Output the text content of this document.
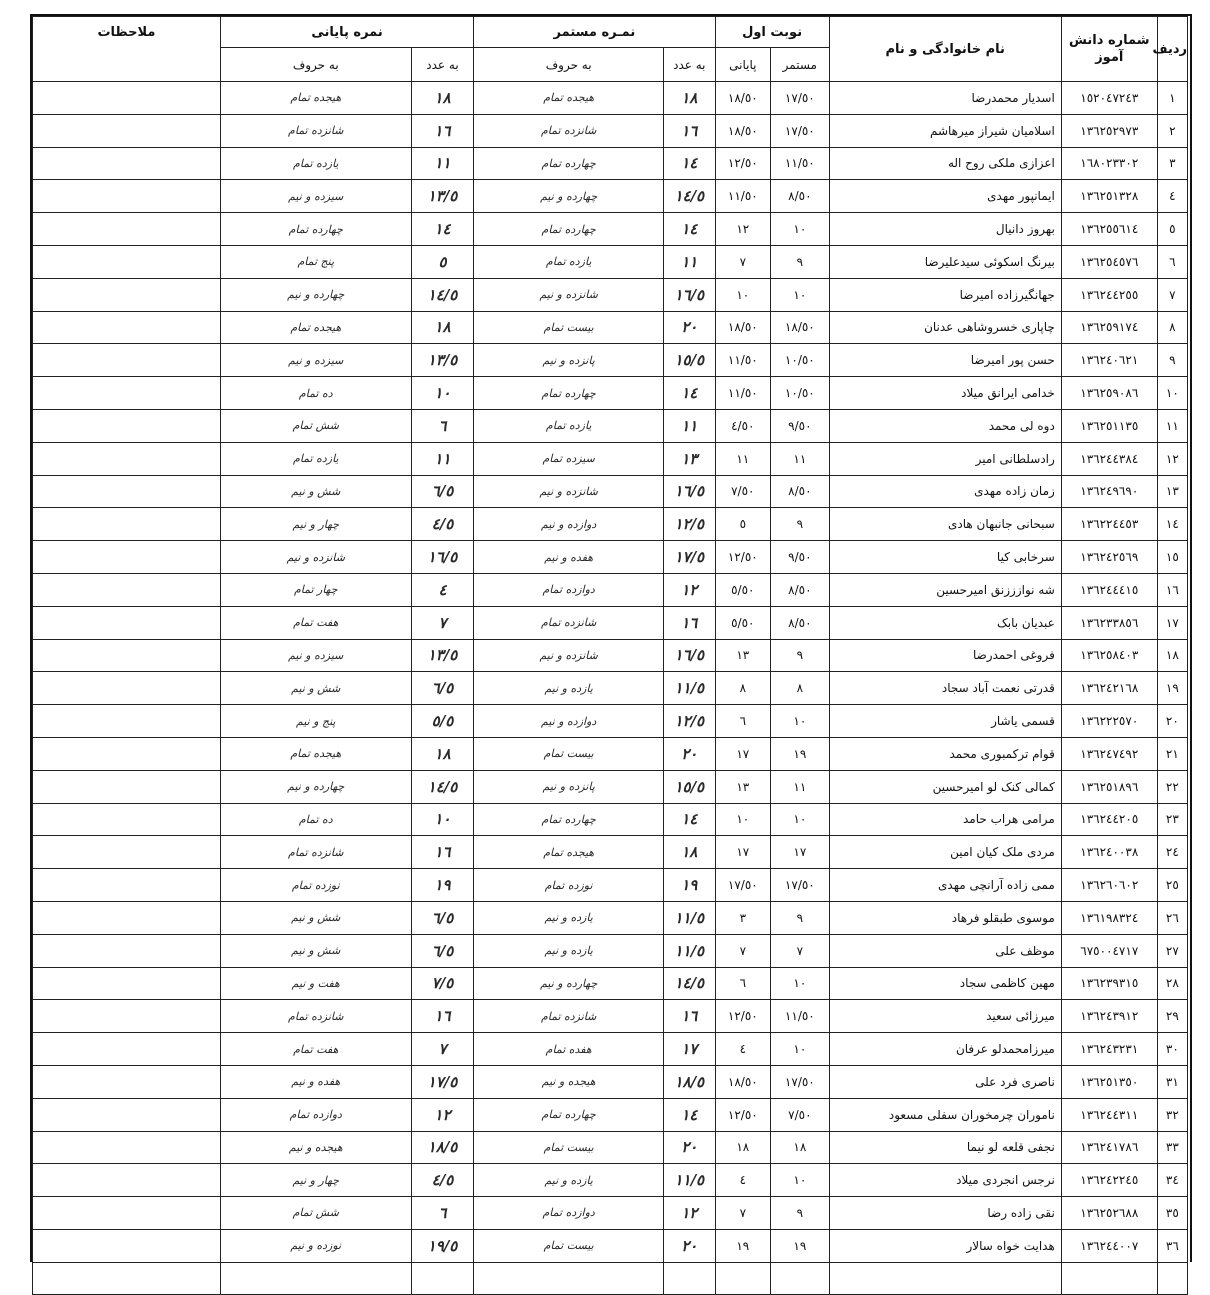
ردیف	شماره دانش آموز	نام خانوادگی و نام	نوبت اول		نمـره مستمر		نمره پایانی		ملاحظات
			مستمر	پایانی	به عدد	به حروف	به عدد	به حروف	
١	١٥٢٠٤٧٢٤٣	اسدیار محمدرضا	١٧/٥٠	١٨/٥٠	١٨	هیجده تمام	١٨	هیجده تمام	
٢	١٣٦٢٥٢٩٧٣	اسلامیان شیراز میرهاشم	١٧/٥٠	١٨/٥٠	١٦	شانزده تمام	١٦	شانزده تمام	
٣	١٦٨٠٢٣٣٠٢	اعزازی ملکی روح اله	١١/٥٠	١٢/٥٠	١٤	چهارده تمام	١١	یازده تمام	
٤	١٣٦٢٥١٣٢٨	ایمانپور مهدی	٨/٥٠	١١/٥٠	١٤/٥	چهارده و نیم	١٣/٥	سیزده و نیم	
٥	١٣٦٢٥٥٦١٤	بهروز دانیال	١٠	١٢	١٤	چهارده تمام	١٤	چهارده تمام	
٦	١٣٦٢٥٤٥٧٦	بیرنگ اسکوئی سیدعلیرضا	٩	٧	١١	یازده تمام	٥	پنج تمام	
٧	١٣٦٢٤٤٢٥٥	جهانگیرزاده امیرضا	١٠	١٠	١٦/٥	شانزده و نیم	١٤/٥	چهارده و نیم	
٨	١٣٦٢٥٩١٧٤	چاپاری خسروشاهی عدنان	١٨/٥٠	١٨/٥٠	٢٠	بیست تمام	١٨	هیجده تمام	
٩	١٣٦٢٤٠٦٢١	حسن پور امیرضا	١٠/٥٠	١١/٥٠	١٥/٥	پانزده و نیم	١٣/٥	سیزده و نیم	
١٠	١٣٦٢٥٩٠٨٦	خدامی ایرانق میلاد	١٠/٥٠	١١/٥٠	١٤	چهارده تمام	١٠	ده تمام	
١١	١٣٦٢٥١١٣٥	دوه لی محمد	٩/٥٠	٤/٥٠	١١	یازده تمام	٦	شش تمام	
١٢	١٣٦٢٤٤٣٨٤	رادسلطانی امیر	١١	١١	١٣	سیزده تمام	١١	یازده تمام	
١٣	١٣٦٢٤٩٦٩٠	زمان زاده مهدی	٨/٥٠	٧/٥٠	١٦/٥	شانزده و نیم	٦/٥	شش و نیم	
١٤	١٣٦٢٢٤٤٥٣	سبحانی جانبهان هادی	٩	٥	١٢/٥	دوازده و نیم	٤/٥	چهار و نیم	
١٥	١٣٦٢٤٢٥٦٩	سرخابی کیا	٩/٥٠	١٢/٥٠	١٧/٥	هفده و نیم	١٦/٥	شانزده و نیم	
١٦	١٣٦٢٤٤٤١٥	شه نوازززنق امیرحسین	٨/٥٠	٥/٥٠	١٢	دوازده تمام	٤	چهار تمام	
١٧	١٣٦٢٣٣٨٥٦	عبدیان بابک	٨/٥٠	٥/٥٠	١٦	شانزده تمام	٧	هفت تمام	
١٨	١٣٦٢٥٨٤٠٣	فروغی احمدرضا	٩	١٣	١٦/٥	شانزده و نیم	١٣/٥	سیزده و نیم	
١٩	١٣٦٢٤٢١٦٨	قدرتی نعمت آباد سجاد	٨	٨	١١/٥	یازده و نیم	٦/٥	شش و نیم	
٢٠	١٣٦٢٢٢٥٧٠	قسمی یاشار	١٠	٦	١٢/٥	دوازده و نیم	٥/٥	پنج و نیم	
٢١	١٣٦٢٤٧٤٩٢	قوام ترکمبوری محمد	١٩	١٧	٢٠	بیست تمام	١٨	هیجده تمام	
٢٢	١٣٦٢٥١٨٩٦	کمالی کنک لو امیرحسین	١١	١٣	١٥/٥	پانزده و نیم	١٤/٥	چهارده و نیم	
٢٣	١٣٦٢٤٤٢٠٥	مرامی هراب حامد	١٠	١٠	١٤	چهارده تمام	١٠	ده تمام	
٢٤	١٣٦٢٤٠٠٣٨	مردی ملک کیان امین	١٧	١٧	١٨	هیجده تمام	١٦	شانزده تمام	
٢٥	١٣٦٢٦٠٦٠٢	ممی زاده آرانچی مهدی	١٧/٥٠	١٧/٥٠	١٩	نوزده تمام	١٩	نوزده تمام	
٢٦	١٣٦١٩٨٣٢٤	موسوی طبقلو فرهاد	٩	٣	١١/٥	یازده و نیم	٦/٥	شش و نیم	
٢٧	٦٧٥٠٠٤٧١٧	موظف علی	٧	٧	١١/٥	یازده و نیم	٦/٥	شش و نیم	
٢٨	١٣٦٢٣٩٣١٥	مهین کاظمی سجاد	١٠	٦	١٤/٥	چهارده و نیم	٧/٥	هفت و نیم	
٢٩	١٣٦٢٤٣٩١٢	میرزائی سعید	١١/٥٠	١٢/٥٠	١٦	شانزده تمام	١٦	شانزده تمام	
٣٠	١٣٦٢٤٣٢٣١	میرزامحمدلو عرفان	١٠	٤	١٧	هفده تمام	٧	هفت تمام	
٣١	١٣٦٢٥١٣٥٠	ناصری فرد علی	١٧/٥٠	١٨/٥٠	١٨/٥	هیجده و نیم	١٧/٥	هفده و نیم	
٣٢	١٣٦٢٤٤٣١١	ناموران چرمخوران سفلی مسعود	٧/٥٠	١٢/٥٠	١٤	چهارده تمام	١٢	دوازده تمام	
٣٣	١٣٦٢٤١٧٨٦	نجفی قلعه لو نیما	١٨	١٨	٢٠	بیست تمام	١٨/٥	هیجده و نیم	
٣٤	١٣٦٢٤٢٢٤٥	نرجس انجردی میلاد	١٠	٤	١١/٥	یازده و نیم	٤/٥	چهار و نیم	
٣٥	١٣٦٢٥٢٦٨٨	نقی زاده رضا	٩	٧	١٢	دوازده تمام	٦	شش تمام	
٣٦	١٣٦٢٤٤٠٠٧	هدایت خواه سالار	١٩	١٩	٢٠	بیست تمام	١٩/٥	نوزده و نیم	
